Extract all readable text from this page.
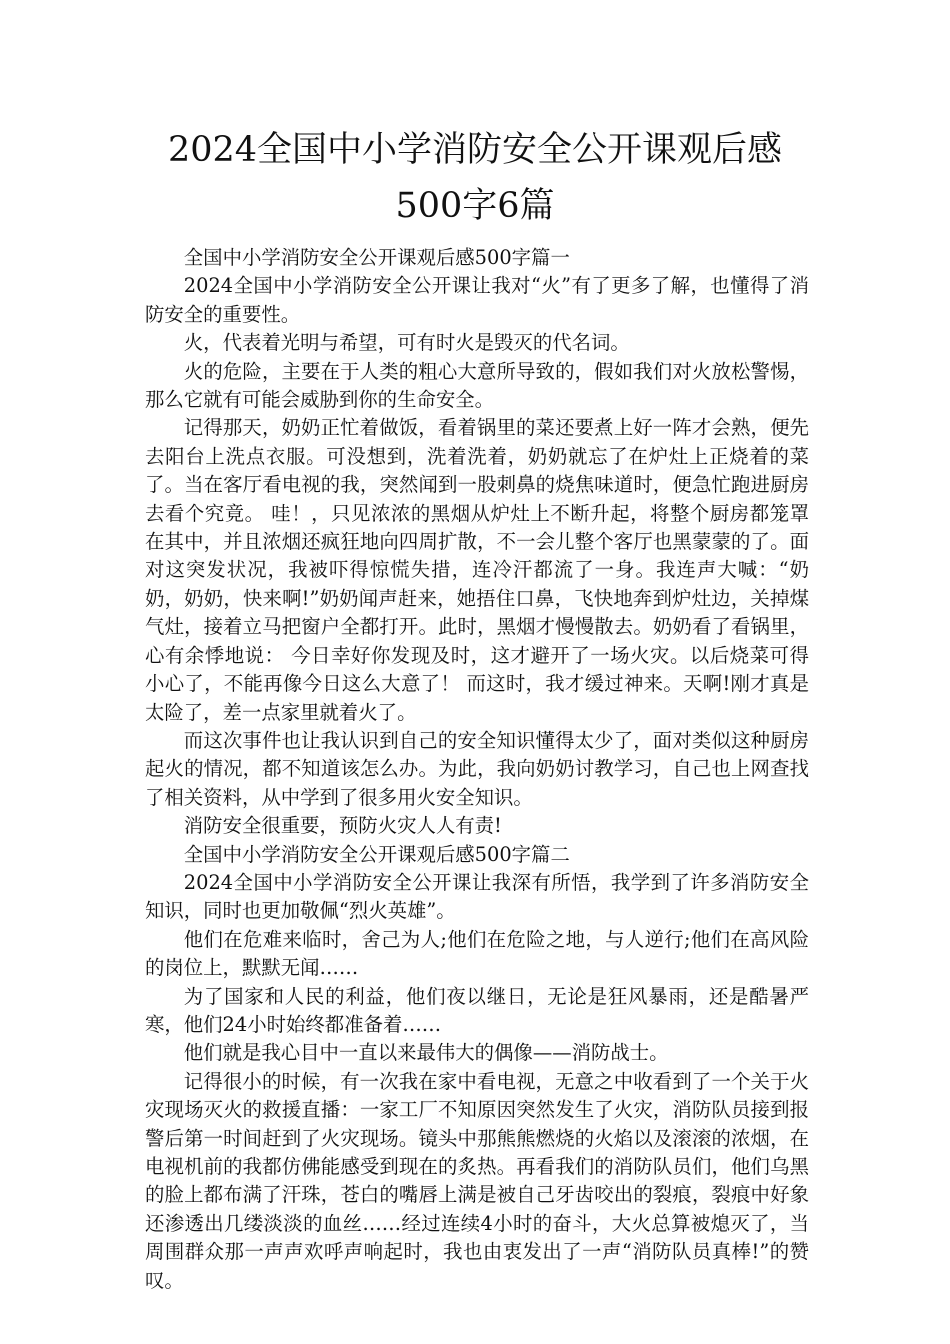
2024全国中小学消防安全公开课观后感
500字6篇

全国中小学消防安全公开课观后感500字篇一

2024全国中小学消防安全公开课让我对“火”有了更多了解，也懂得了消防安全的重要性。

火，代表着光明与希望，可有时火是毁灭的代名词。

火的危险，主要在于人类的粗心大意所导致的，假如我们对火放松警惕，那么它就有可能会威胁到你的生命安全。

记得那天，奶奶正忙着做饭，看着锅里的菜还要煮上好一阵才会熟，便先去阳台上洗点衣服。可没想到，洗着洗着，奶奶就忘了在炉灶上正烧着的菜了。当在客厅看电视的我，突然闻到一股刺鼻的烧焦味道时，便急忙跑进厨房去看个究竟。 哇！，只见浓浓的黑烟从炉灶上不断升起，将整个厨房都笼罩在其中，并且浓烟还疯狂地向四周扩散，不一会儿整个客厅也黑蒙蒙的了。面对这突发状况，我被吓得惊慌失措，连冷汗都流了一身。我连声大喊：“奶奶，奶奶，快来啊!”奶奶闻声赶来，她捂住口鼻，飞快地奔到炉灶边，关掉煤气灶，接着立马把窗户全都打开。此时，黑烟才慢慢散去。奶奶看了看锅里，心有余悸地说： 今日幸好你发现及时，这才避开了一场火灾。以后烧菜可得小心了，不能再像今日这么大意了！ 而这时，我才缓过神来。天啊!刚才真是太险了，差一点家里就着火了。

而这次事件也让我认识到自己的安全知识懂得太少了，面对类似这种厨房起火的情况，都不知道该怎么办。为此，我向奶奶讨教学习，自己也上网查找了相关资料，从中学到了很多用火安全知识。

消防安全很重要，预防火灾人人有责!

全国中小学消防安全公开课观后感500字篇二

2024全国中小学消防安全公开课让我深有所悟，我学到了许多消防安全知识，同时也更加敬佩“烈火英雄”。

他们在危难来临时，舍己为人;他们在危险之地，与人逆行;他们在高风险的岗位上，默默无闻……

为了国家和人民的利益，他们夜以继日，无论是狂风暴雨，还是酷暑严寒，他们24小时始终都准备着……

他们就是我心目中一直以来最伟大的偶像——消防战士。

记得很小的时候，有一次我在家中看电视，无意之中收看到了一个关于火灾现场灭火的救援直播：一家工厂不知原因突然发生了火灾，消防队员接到报警后第一时间赶到了火灾现场。镜头中那熊熊燃烧的火焰以及滚滚的浓烟，在电视机前的我都仿佛能感受到现在的炙热。再看我们的消防队员们，他们乌黑的脸上都布满了汗珠，苍白的嘴唇上满是被自己牙齿咬出的裂痕，裂痕中好象还渗透出几缕淡淡的血丝……经过连续4小时的奋斗，大火总算被熄灭了，当周围群众那一声声欢呼声响起时，我也由衷发出了一声“消防队员真棒!”的赞叹。
